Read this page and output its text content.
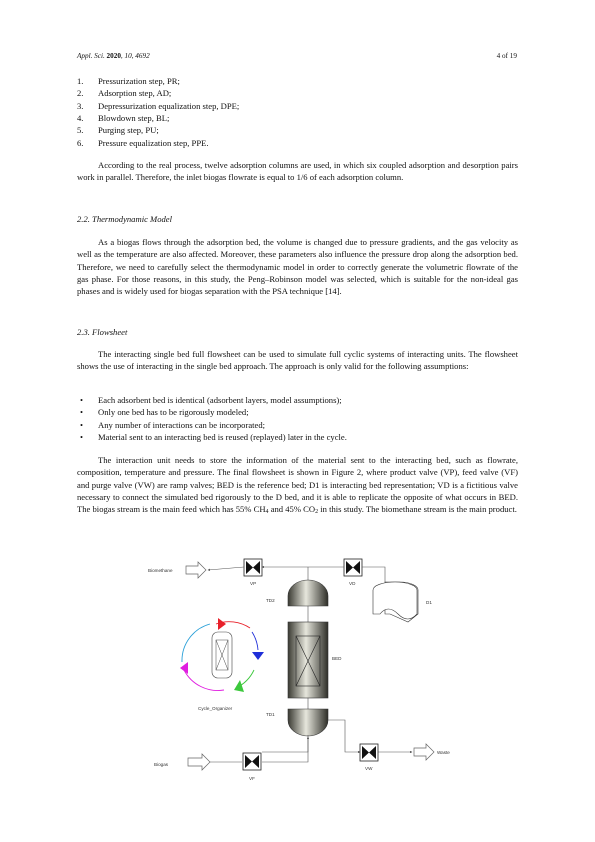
Appl. Sci. 2020, 10, 4692	4 of 19
1.	Pressurization step, PR;
2.	Adsorption step, AD;
3.	Depressurization equalization step, DPE;
4.	Blowdown step, BL;
5.	Purging step, PU;
6.	Pressure equalization step, PPE.

According to the real process, twelve adsorption columns are used, in which six coupled adsorption and desorption pairs work in parallel. Therefore, the inlet biogas flowrate is equal to 1/6 of each adsorption column.

2.2. Thermodynamic Model

As a biogas flows through the adsorption bed, the volume is changed due to pressure gradients, and the gas velocity as well as the temperature are also affected. Moreover, these parameters also influence the pressure drop along the adsorption bed. Therefore, we need to carefully select the thermodynamic model in order to correctly generate the volumetric flowrate of the gas phase. For those reasons, in this study, the Peng–Robinson model was selected, which is suitable for the non-ideal gas phases and is widely used for biogas separation with the PSA technique [14].

2.3. Flowsheet

The interacting single bed full flowsheet can be used to simulate full cyclic systems of interacting units. The flowsheet shows the use of interacting in the single bed approach. The approach is only valid for the following assumptions:

•	Each adsorbent bed is identical (adsorbent layers, model assumptions);
•	Only one bed has to be rigorously modeled;
•	Any number of interactions can be incorporated;
•	Material sent to an interacting bed is reused (replayed) later in the cycle.

The interaction unit needs to store the information of the material sent to the interacting bed, such as flowrate, composition, temperature and pressure. The final flowsheet is shown in Figure 2, where product valve (VP), feed valve (VF) and purge valve (VW) are ramp valves; BED is the reference bed; D1 is interacting bed representation; VD is a fictitious valve necessary to connect the simulated bed rigorously to the D bed, and it is able to replicate the opposite of what occurs in BED. The biogas stream is the main feed which has 55% $CH_4$ and 45% $CO_2$ in this study. The biomethane stream is the main product.

Biomethane
VP	VD
TD2	D1
BED
TD1
Cycle_Organizer
Biogas
VF
VW
Waste
